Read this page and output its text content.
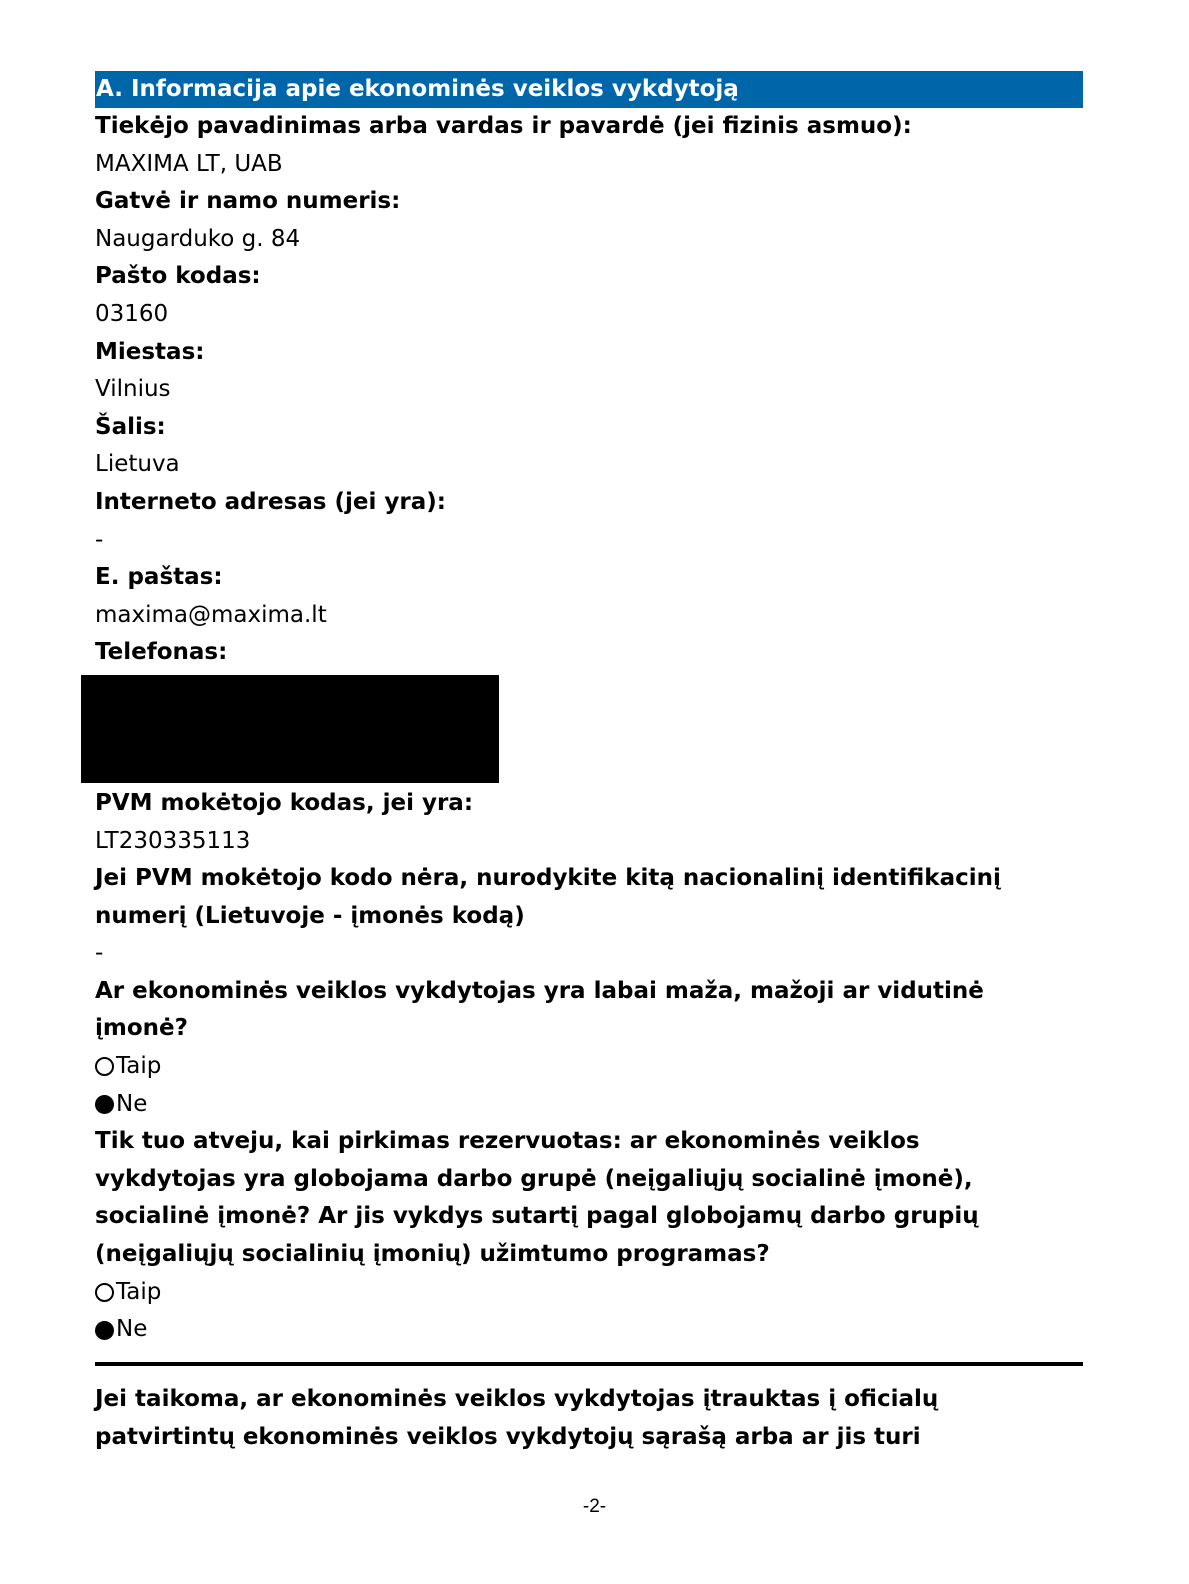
A. Informacija apie ekonominės veiklos vykdytoją
Tiekėjo pavadinimas arba vardas ir pavardė (jei fizinis asmuo):
MAXIMA LT, UAB
Gatvė ir namo numeris:
Naugarduko g. 84
Pašto kodas:
03160
Miestas:
Vilnius
Šalis:
Lietuva
Interneto adresas (jei yra):
-
E. paštas:
maxima@maxima.lt
Telefonas:
PVM mokėtojo kodas, jei yra:
LT230335113
Jei PVM mokėtojo kodo nėra, nurodykite kitą nacionalinį identifikacinį
numerį (Lietuvoje - įmonės kodą)
-
Ar ekonominės veiklos vykdytojas yra labai maža, mažoji ar vidutinė
įmonė?
Taip
Ne
Tik tuo atveju, kai pirkimas rezervuotas: ar ekonominės veiklos
vykdytojas yra globojama darbo grupė (neįgaliųjų socialinė įmonė),
socialinė įmonė? Ar jis vykdys sutartį pagal globojamų darbo grupių
(neįgaliųjų socialinių įmonių) užimtumo programas?
Taip
Ne
Jei taikoma, ar ekonominės veiklos vykdytojas įtrauktas į oficialų
patvirtintų ekonominės veiklos vykdytojų sąrašą arba ar jis turi
-2-
